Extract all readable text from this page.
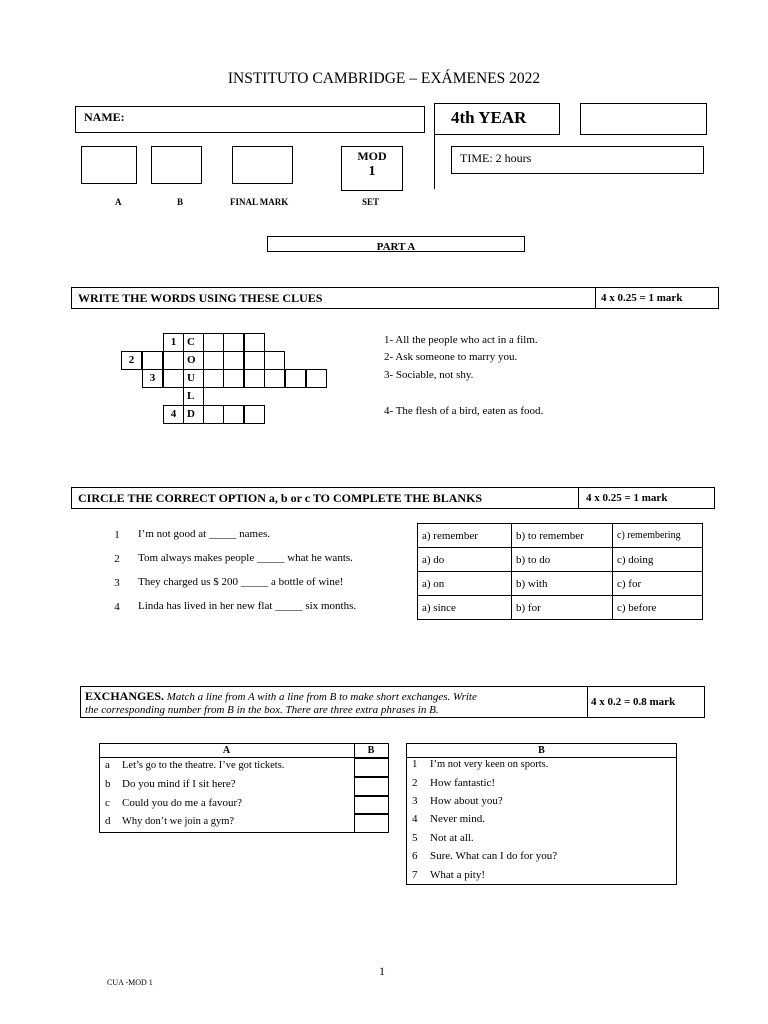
INSTITUTO CAMBRIDGE – EXÁMENES 2022
NAME:	4th YEAR
MOD
1
TIME: 2 hours
A	B	FINAL MARK	SET
PART A
WRITE THE WORDS USING THESE CLUES	4 x 0.25 = 1 mark
1 C
2	O
3	U
L
4 D
1- All the people who act in a film.
2- Ask someone to marry you.
3- Sociable, not shy.
4- The flesh of a bird, eaten as food.
CIRCLE THE CORRECT OPTION a, b or c TO COMPLETE THE BLANKS	4 x 0.25 = 1 mark
1	I’m not good at _____ names.
2	Tom always makes people _____ what he wants.
3	They charged us $ 200 _____ a bottle of wine!
4	Linda has lived in her new flat _____ six months.
a) remember	b) to remember	c) remembering
a) do	b) to do	c) doing
a) on	b) with	c) for
a) since	b) for	c) before
EXCHANGES. Match a line from A with a line from B to make short exchanges. Write
the corresponding number from B in the box. There are three extra phrases in B.
4 x 0.2 = 0.8 mark
A	B
a Let’s go to the theatre. I’ve got tickets.
b Do you mind if I sit here?
c Could you do me a favour?
d Why don’t we join a gym?
B
1 I’m not very keen on sports.
2 How fantastic!
3 How about you?
4 Never mind.
5 Not at all.
6 Sure. What can I do for you?
7 What a pity!
1
CUA -MOD 1
